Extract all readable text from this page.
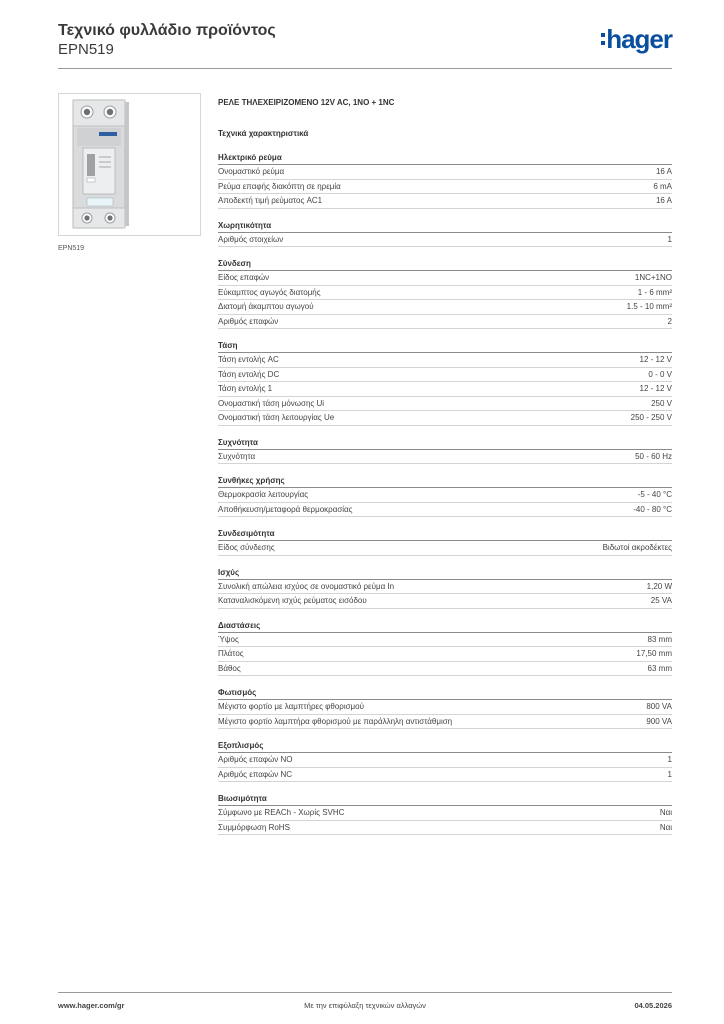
Τεχνικό φυλλάδιο προϊόντος
EPN519	hager
EPN519
ΡΕΛΕ ΤΗΛΕΧΕΙΡΙΖΟΜΕΝΟ 12V AC, 1NO + 1NC
Τεχνικά χαρακτηριστικά
Ηλεκτρικό ρεύμα
Ονομαστικό ρεύμα	16 A
Ρεύμα επαφής διακόπτη σε ηρεμία	6 mA
Αποδεκτή τιμή ρεύματος AC1	16 A
Χωρητικότητα
Αριθμός στοιχείων	1
Σύνδεση
Είδος επαφών	1NC+1NO
Εύκαμπτος αγωγός διατομής	1 - 6 mm²
Διατομή άκαμπτου αγωγού	1.5 - 10 mm²
Αριθμός επαφών	2
Τάση
Τάση εντολής AC	12 - 12 V
Τάση εντολής DC	0 - 0 V
Τάση εντολής 1	12 - 12 V
Ονομαστική τάση μόνωσης Ui	250 V
Ονομαστική τάση λειτουργίας Ue	250 - 250 V
Συχνότητα
Συχνότητα	50 - 60 Hz
Συνθήκες χρήσης
Θερμοκρασία λειτουργίας	-5 - 40 °C
Αποθήκευση/μεταφορά θερμοκρασίας	-40 - 80 °C
Συνδεσιμότητα
Είδος σύνδεσης	Βιδωτοί ακροδέκτες
Ισχύς
Συνολική απώλεια ισχύος σε ονομαστικό ρεύμα In	1,20 W
Καταναλισκόμενη ισχύς ρεύματος εισόδου	25 VA
Διαστάσεις
Ύψος	83 mm
Πλάτος	17,50 mm
Βάθος	63 mm
Φωτισμός
Μέγιστο φορτίο με λαμπτήρες φθορισμού	800 VA
Μέγιστο φορτίο λαμπτήρα φθορισμού με παράλληλη αντιστάθμιση	900 VA
Εξοπλισμός
Αριθμός επαφών NO	1
Αριθμός επαφών NC	1
Βιωσιμότητα
Σύμφωνο με REACh - Χωρίς SVHC	Ναι
Συμμόρφωση RoHS	Ναι
www.hager.com/gr	Με την επιφύλαξη τεχνικών αλλαγών	04.05.2026
